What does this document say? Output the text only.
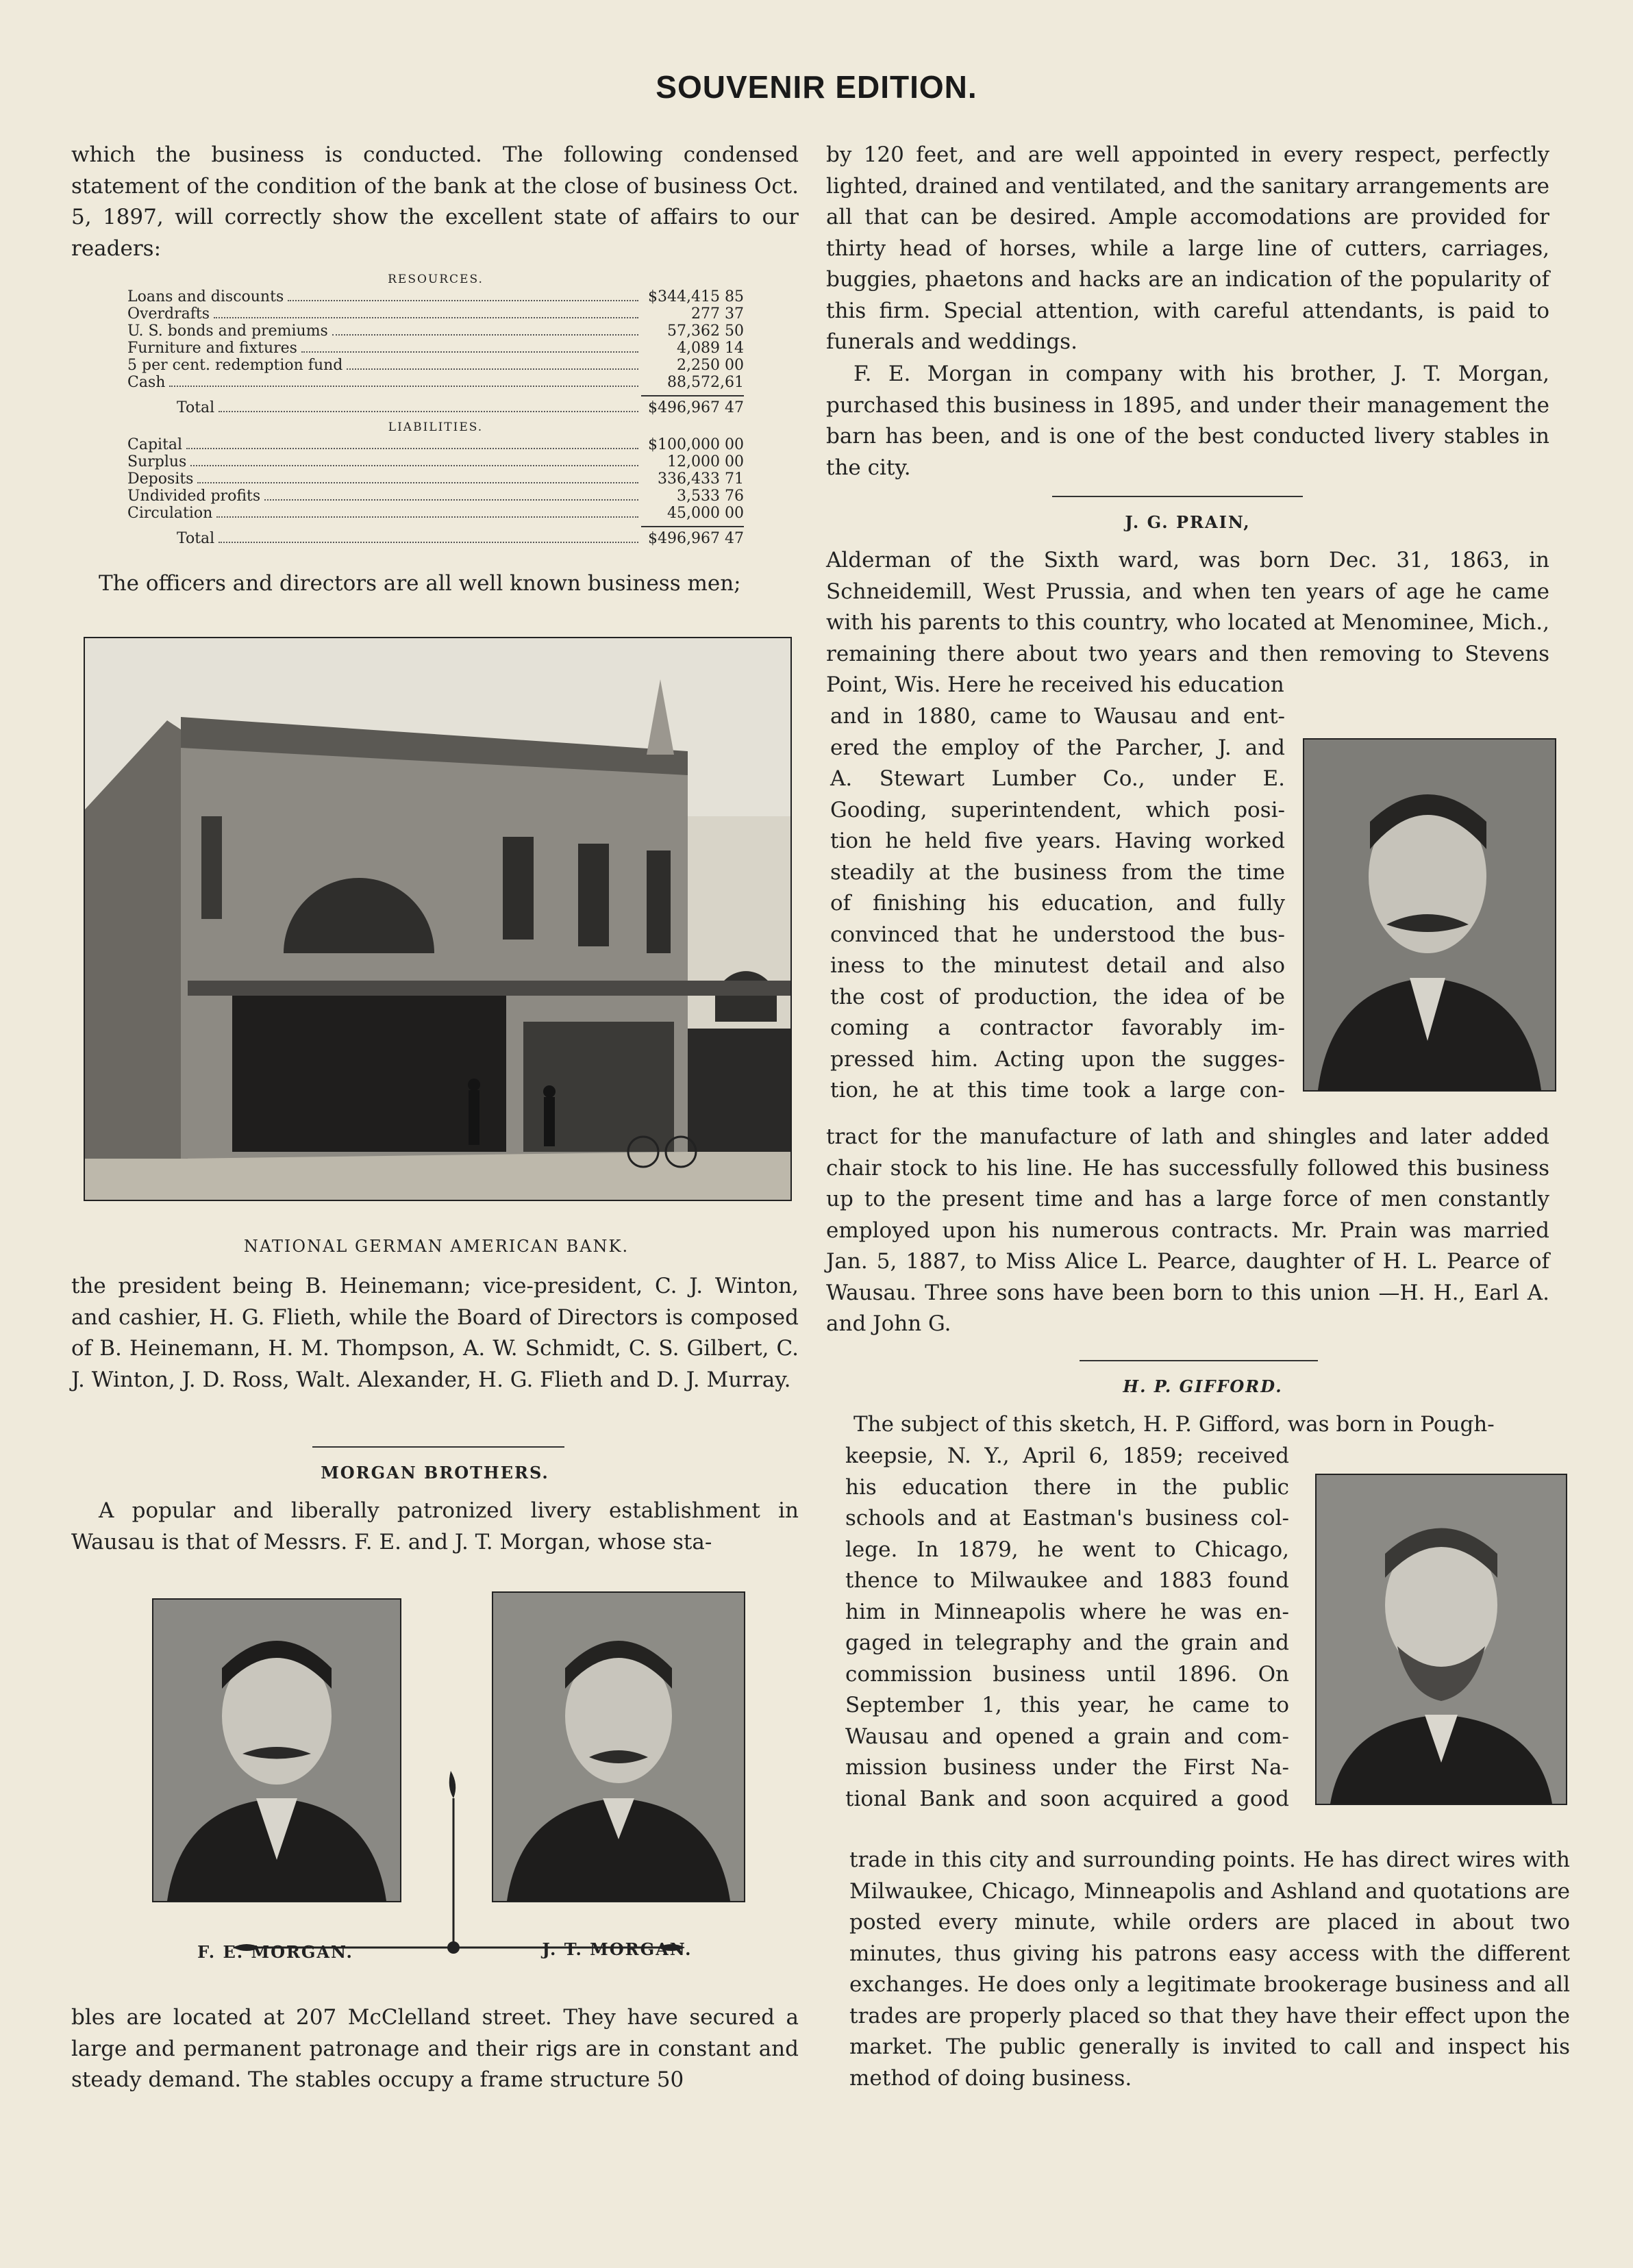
SOUVENIR EDITION.

which the business is conducted. The following condensed statement of the condition of the bank at the close of business Oct. 5, 1897, will correctly show the excellent state of affairs to our readers:

RESOURCES.
Loans and discounts	$344,415 85
Overdrafts	277 37
U. S. bonds and premiums	57,362 50
Furniture and fixtures	4,089 14
5 per cent. redemption fund	2,250 00
Cash	88,572,61
Total	$496,967 47
LIABILITIES.
Capital	$100,000 00
Surplus	12,000 00
Deposits	336,433 71
Undivided profits	3,533 76
Circulation	45,000 00
Total	$496,967 47

The officers and directors are all well known business men;

NATIONAL GERMAN AMERICAN BANK.

the president being B. Heinemann; vice-president, C. J. Winton, and cashier, H. G. Flieth, while the Board of Directors is composed of B. Heinemann, H. M. Thompson, A. W. Schmidt, C. S. Gilbert, C. J. Winton, J. D. Ross, Walt. Alexander, H. G. Flieth and D. J. Murray.

MORGAN BROTHERS.

A popular and liberally patronized livery establishment in Wausau is that of Messrs. F. E. and J. T. Morgan, whose sta-

F. E. MORGAN.	J. T. MORGAN.

bles are located at 207 McClelland street. They have secured a large and permanent patronage and their rigs are in constant and steady demand. The stables occupy a frame structure 50

by 120 feet, and are well appointed in every respect, perfectly lighted, drained and ventilated, and the sanitary arrangements are all that can be desired. Ample accomodations are provided for thirty head of horses, while a large line of cutters, carriages, buggies, phaetons and hacks are an indication of the popularity of this firm. Special attention, with careful attendants, is paid to funerals and weddings.

F. E. Morgan in company with his brother, J. T. Morgan, purchased this business in 1895, and under their management the barn has been, and is one of the best conducted livery stables in the city.

J. G. PRAIN,

Alderman of the Sixth ward, was born Dec. 31, 1863, in Schneidemill, West Prussia, and when ten years of age he came with his parents to this country, who located at Menominee, Mich., remaining there about two years and then removing to Stevens Point, Wis. Here he received his education

and in 1880, came to Wausau and ent-
ered the employ of the Parcher, J. and
A. Stewart Lumber Co., under E.
Gooding, superintendent, which posi-
tion he held five years. Having worked
steadily at the business from the time
of finishing his education, and fully
convinced that he understood the bus-
iness to the minutest detail and also
the cost of production, the idea of be
coming a contractor favorably im-
pressed him. Acting upon the sugges-
tion, he at this time took a large con-

tract for the manufacture of lath and shingles and later added chair stock to his line. He has successfully followed this business up to the present time and has a large force of men constantly employed upon his numerous contracts. Mr. Prain was married Jan. 5, 1887, to Miss Alice L. Pearce, daughter of H. L. Pearce of Wausau. Three sons have been born to this union —H. H., Earl A. and John G.

H. P. GIFFORD.

The subject of this sketch, H. P. Gifford, was born in Pough-

keepsie, N. Y., April 6, 1859; received
his education there in the public
schools and at Eastman's business col-
lege. In 1879, he went to Chicago,
thence to Milwaukee and 1883 found
him in Minneapolis where he was en-
gaged in telegraphy and the grain and
commission business until 1896. On
September 1, this year, he came to
Wausau and opened a grain and com-
mission business under the First Na-
tional Bank and soon acquired a good

trade in this city and surrounding points. He has direct wires with Milwaukee, Chicago, Minneapolis and Ashland and quotations are posted every minute, while orders are placed in about two minutes, thus giving his patrons easy access with the different exchanges. He does only a legitimate brookerage business and all trades are properly placed so that they have their effect upon the market. The public generally is invited to call and inspect his method of doing business.
